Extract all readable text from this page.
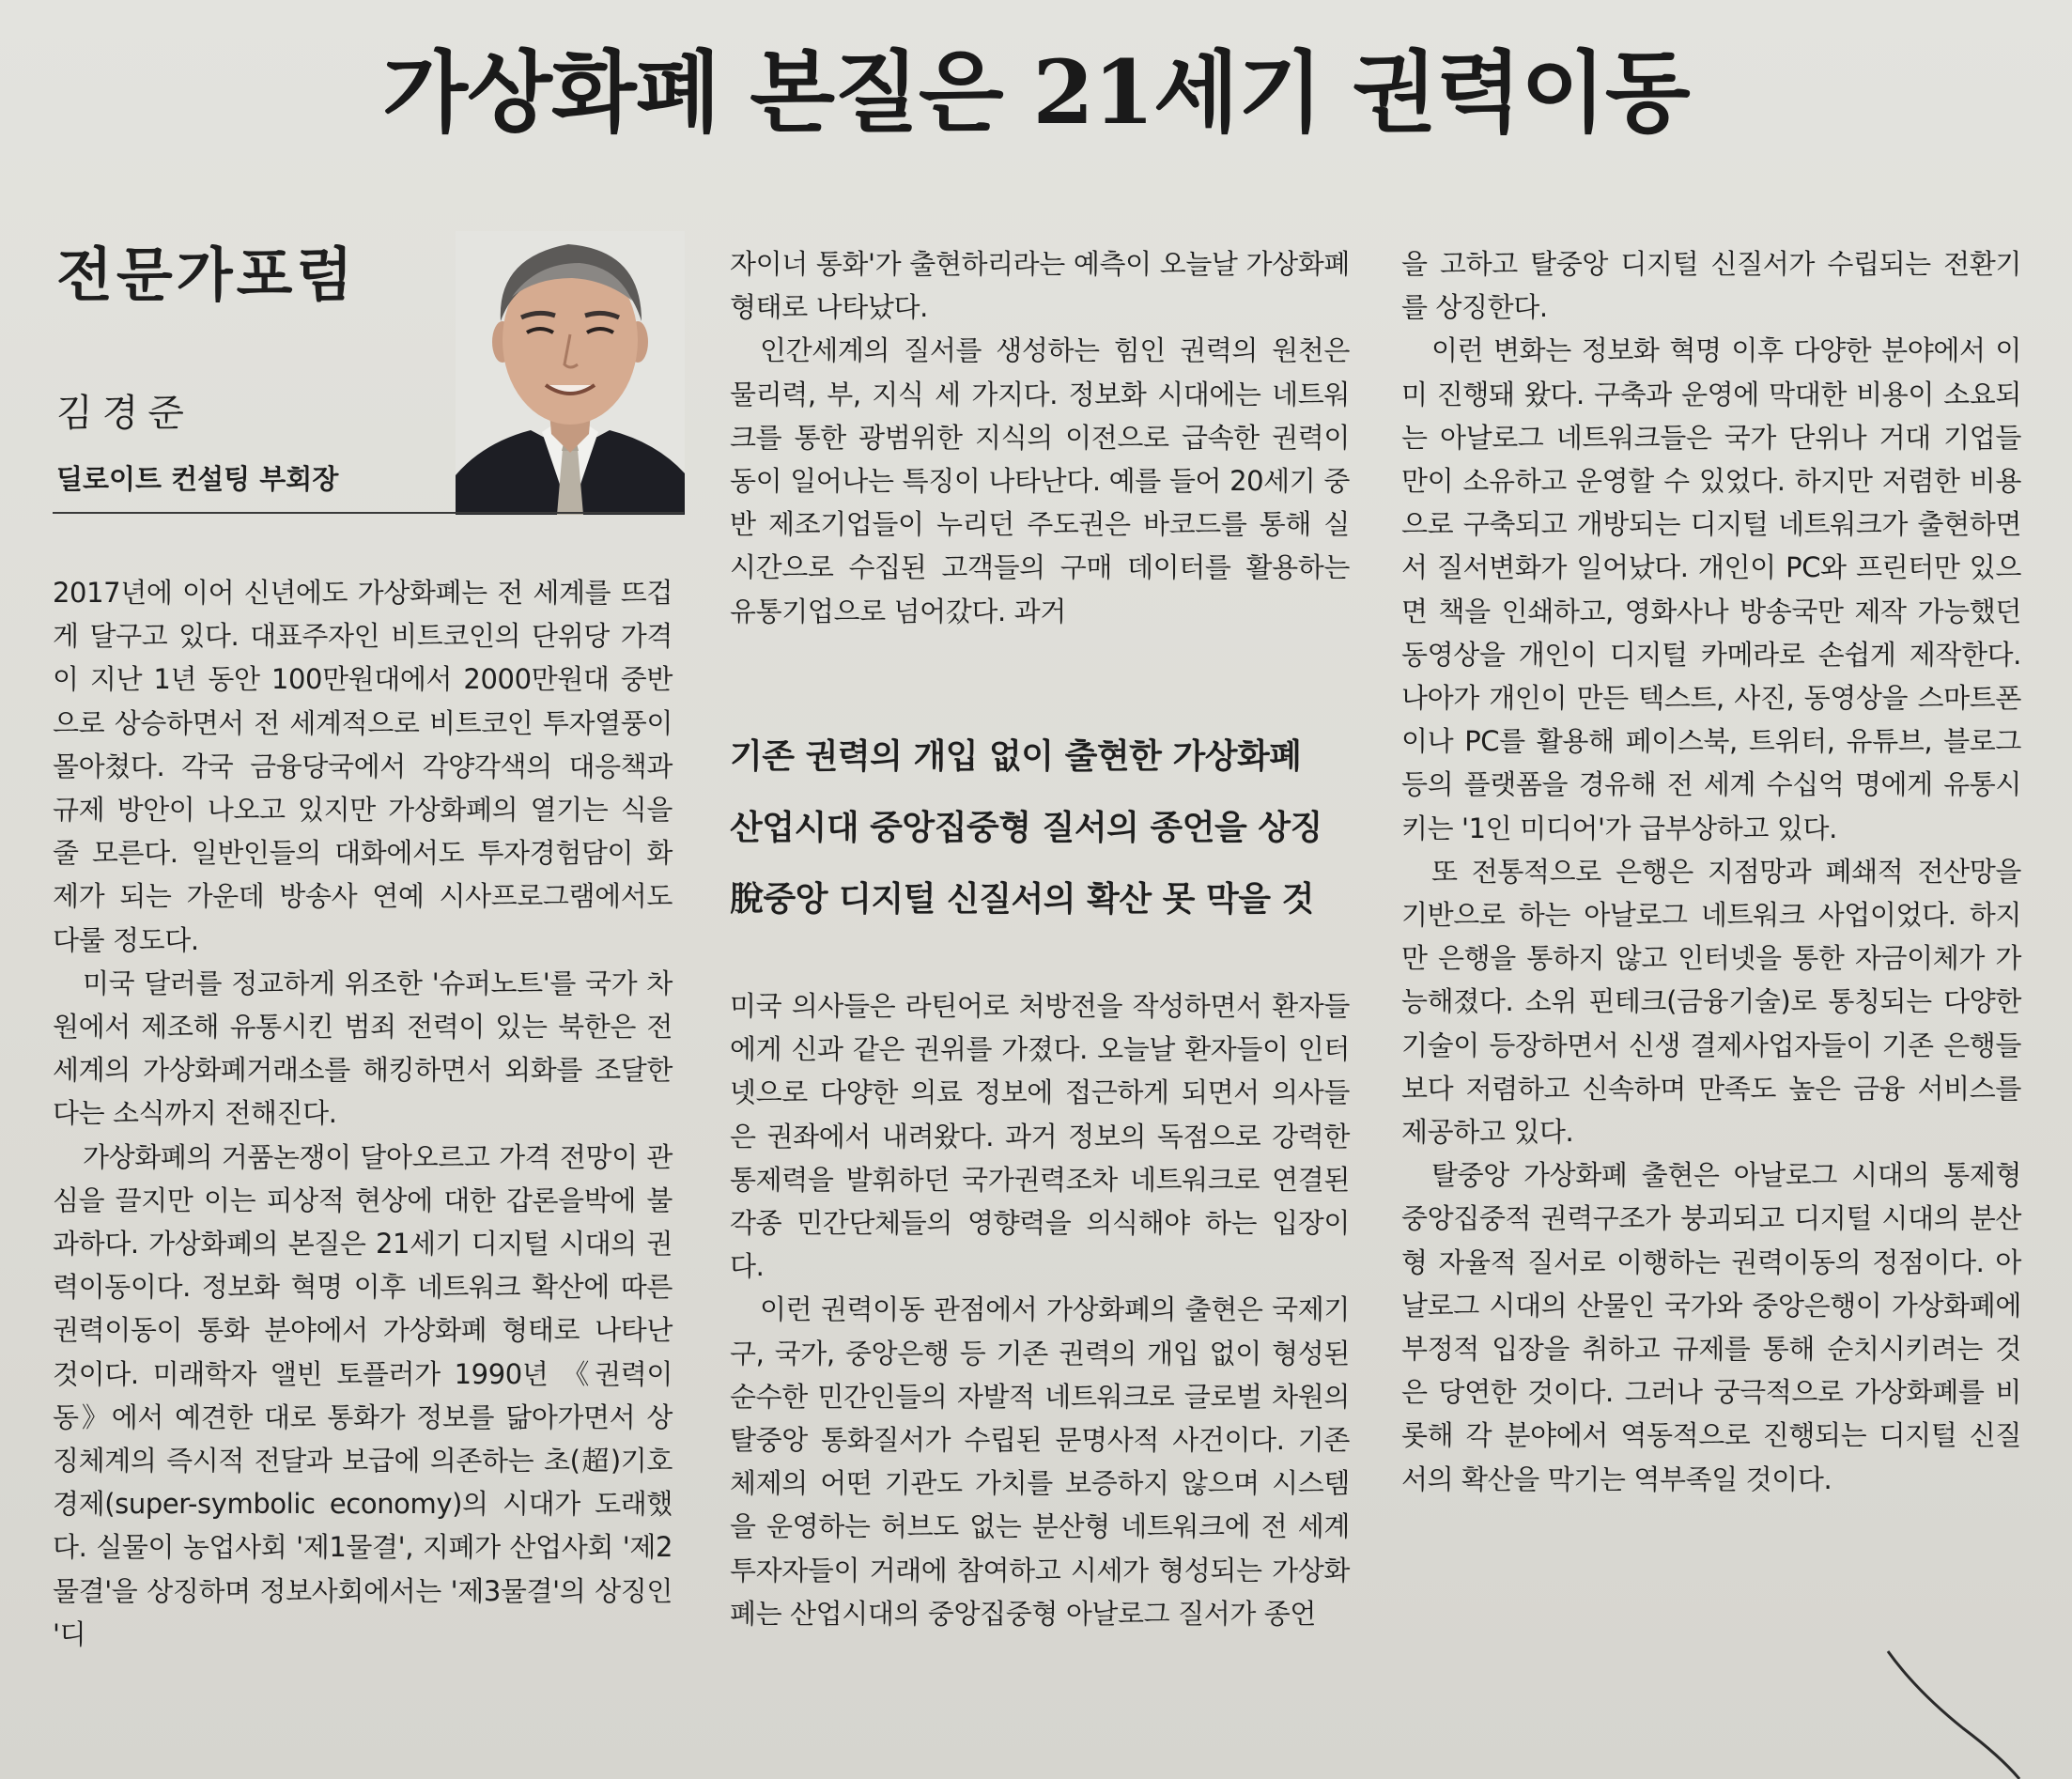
가상화폐 본질은 21세기 권력이동
전문가포럼
김경준
딜로이트 컨설팅 부회장

2017년에 이어 신년에도 가상화폐는 전 세계를 뜨겁게 달구고 있다. 대표주자인 비트코인의 단위당 가격이 지난 1년 동안 100만원대에서 2000만원대 중반으로 상승하면서 전 세계적으로 비트코인 투자열풍이 몰아쳤다. 각국 금융당국에서 각양각색의 대응책과 규제 방안이 나오고 있지만 가상화폐의 열기는 식을 줄 모른다. 일반인들의 대화에서도 투자경험담이 화제가 되는 가운데 방송사 연예 시사프로그램에서도 다룰 정도다.

미국 달러를 정교하게 위조한 '슈퍼노트'를 국가 차원에서 제조해 유통시킨 범죄 전력이 있는 북한은 전 세계의 가상화폐거래소를 해킹하면서 외화를 조달한다는 소식까지 전해진다.

가상화폐의 거품논쟁이 달아오르고 가격 전망이 관심을 끌지만 이는 피상적 현상에 대한 갑론을박에 불과하다. 가상화폐의 본질은 21세기 디지털 시대의 권력이동이다. 정보화 혁명 이후 네트워크 확산에 따른 권력이동이 통화 분야에서 가상화폐 형태로 나타난 것이다. 미래학자 앨빈 토플러가 1990년 《권력이동》에서 예견한 대로 통화가 정보를 닮아가면서 상징체계의 즉시적 전달과 보급에 의존하는 초(超)기호경제(super-symbolic economy)의 시대가 도래했다. 실물이 농업사회 '제1물결', 지폐가 산업사회 '제2물결'을 상징하며 정보사회에서는 '제3물결'의 상징인 '디

자이너 통화'가 출현하리라는 예측이 오늘날 가상화폐 형태로 나타났다.

인간세계의 질서를 생성하는 힘인 권력의 원천은 물리력, 부, 지식 세 가지다. 정보화 시대에는 네트워크를 통한 광범위한 지식의 이전으로 급속한 권력이동이 일어나는 특징이 나타난다. 예를 들어 20세기 중반 제조기업들이 누리던 주도권은 바코드를 통해 실시간으로 수집된 고객들의 구매 데이터를 활용하는 유통기업으로 넘어갔다. 과거

기존 권력의 개입 없이 출현한 가상화폐
산업시대 중앙집중형 질서의 종언을 상징
脫중앙 디지털 신질서의 확산 못 막을 것

미국 의사들은 라틴어로 처방전을 작성하면서 환자들에게 신과 같은 권위를 가졌다. 오늘날 환자들이 인터넷으로 다양한 의료 정보에 접근하게 되면서 의사들은 권좌에서 내려왔다. 과거 정보의 독점으로 강력한 통제력을 발휘하던 국가권력조차 네트워크로 연결된 각종 민간단체들의 영향력을 의식해야 하는 입장이다.

이런 권력이동 관점에서 가상화폐의 출현은 국제기구, 국가, 중앙은행 등 기존 권력의 개입 없이 형성된 순수한 민간인들의 자발적 네트워크로 글로벌 차원의 탈중앙 통화질서가 수립된 문명사적 사건이다. 기존 체제의 어떤 기관도 가치를 보증하지 않으며 시스템을 운영하는 허브도 없는 분산형 네트워크에 전 세계 투자자들이 거래에 참여하고 시세가 형성되는 가상화폐는 산업시대의 중앙집중형 아날로그 질서가 종언

을 고하고 탈중앙 디지털 신질서가 수립되는 전환기를 상징한다.

이런 변화는 정보화 혁명 이후 다양한 분야에서 이미 진행돼 왔다. 구축과 운영에 막대한 비용이 소요되는 아날로그 네트워크들은 국가 단위나 거대 기업들만이 소유하고 운영할 수 있었다. 하지만 저렴한 비용으로 구축되고 개방되는 디지털 네트워크가 출현하면서 질서변화가 일어났다. 개인이 PC와 프린터만 있으면 책을 인쇄하고, 영화사나 방송국만 제작 가능했던 동영상을 개인이 디지털 카메라로 손쉽게 제작한다. 나아가 개인이 만든 텍스트, 사진, 동영상을 스마트폰이나 PC를 활용해 페이스북, 트위터, 유튜브, 블로그 등의 플랫폼을 경유해 전 세계 수십억 명에게 유통시키는 '1인 미디어'가 급부상하고 있다.

또 전통적으로 은행은 지점망과 폐쇄적 전산망을 기반으로 하는 아날로그 네트워크 사업이었다. 하지만 은행을 통하지 않고 인터넷을 통한 자금이체가 가능해졌다. 소위 핀테크(금융기술)로 통칭되는 다양한 기술이 등장하면서 신생 결제사업자들이 기존 은행들보다 저렴하고 신속하며 만족도 높은 금융 서비스를 제공하고 있다.

탈중앙 가상화폐 출현은 아날로그 시대의 통제형 중앙집중적 권력구조가 붕괴되고 디지털 시대의 분산형 자율적 질서로 이행하는 권력이동의 정점이다. 아날로그 시대의 산물인 국가와 중앙은행이 가상화폐에 부정적 입장을 취하고 규제를 통해 순치시키려는 것은 당연한 것이다. 그러나 궁극적으로 가상화폐를 비롯해 각 분야에서 역동적으로 진행되는 디지털 신질서의 확산을 막기는 역부족일 것이다.
